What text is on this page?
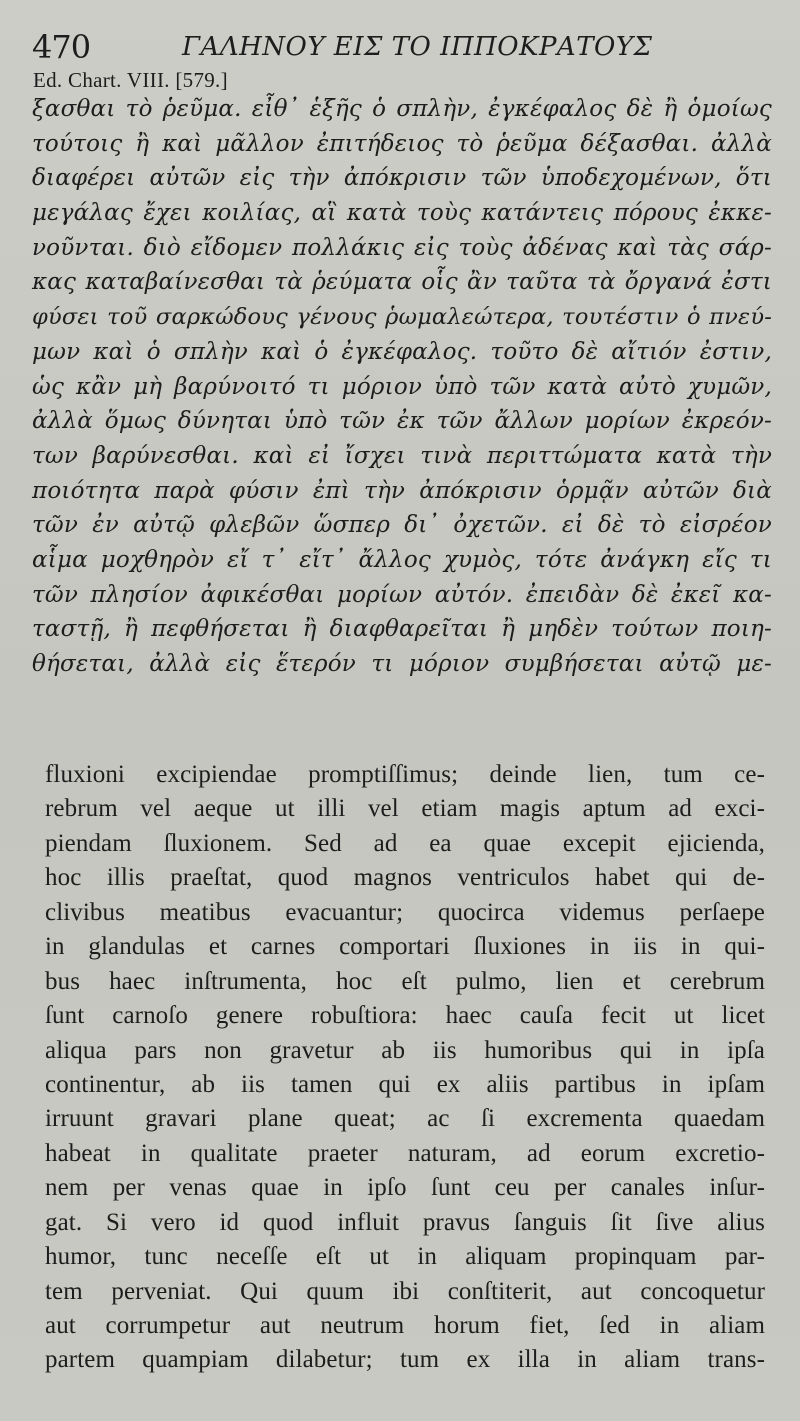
470	ΓΑΛΗΝΟΥ ΕΙΣ ΤΟ ΙΠΠΟΚΡΑΤΟΥΣ
Ed. Chart. VIII. [579.]
ξασθαι τὸ ῥεῦμα. εἶθ᾽ ἑξῆς ὁ σπλὴν, ἐγκέφαλος δὲ ἢ ὁμοίως
τούτοις ἢ καὶ μᾶλλον ἐπιτήδειος τὸ ῥεῦμα δέξασθαι. ἀλλὰ
διαφέρει αὐτῶν εἰς τὴν ἀπόκρισιν τῶν ὑποδεχομένων, ὅτι
μεγάλας ἔχει κοιλίας, αἳ κατὰ τοὺς κατάντεις πόρους ἐκκε-
νοῦνται. διὸ εἴδομεν πολλάκις εἰς τοὺς ἀδένας καὶ τὰς σάρ-
κας καταβαίνεσθαι τὰ ῥεύματα οἷς ἂν ταῦτα τὰ ὄργανά ἐστι
φύσει τοῦ σαρκώδους γένους ῥωμαλεώτερα, τουτέστιν ὁ πνεύ-
μων καὶ ὁ σπλὴν καὶ ὁ ἐγκέφαλος. τοῦτο δὲ αἴτιόν ἐστιν,
ὡς κἂν μὴ βαρύνοιτό τι μόριον ὑπὸ τῶν κατὰ αὐτὸ χυμῶν,
ἀλλὰ ὅμως δύνηται ὑπὸ τῶν ἐκ τῶν ἄλλων μορίων ἐκρεόν-
των βαρύνεσθαι. καὶ εἰ ἴσχει τινὰ περιττώματα κατὰ τὴν
ποιότητα παρὰ φύσιν ἐπὶ τὴν ἀπόκρισιν ὁρμᾷν αὐτῶν διὰ
τῶν ἐν αὐτῷ φλεβῶν ὥσπερ δι᾽ ὀχετῶν. εἰ δὲ τὸ εἰσρέον
αἷμα μοχθηρὸν εἴ τ᾽ εἴτ᾽ ἄλλος χυμὸς, τότε ἀνάγκη εἴς τι
τῶν πλησίον ἀφικέσθαι μορίων αὐτόν. ἐπειδὰν δὲ ἐκεῖ κα-
ταστῇ, ἢ πεφθήσεται ἢ διαφθαρεῖται ἢ μηδὲν τούτων ποιη-
θήσεται, ἀλλὰ εἰς ἕτερόν τι μόριον συμβήσεται αὐτῷ με-
fluxioni excipiendae promptiſſimus; deinde lien, tum ce-
rebrum vel aeque ut illi vel etiam magis aptum ad exci-
piendam ſluxionem. Sed ad ea quae excepit ejicienda,
hoc illis praeſtat, quod magnos ventriculos habet qui de-
clivibus meatibus evacuantur; quocirca videmus perſaepe
in glandulas et carnes comportari ſluxiones in iis in qui-
bus haec inſtrumenta, hoc eſt pulmo, lien et cerebrum
ſunt carnoſo genere robuſtiora: haec cauſa fecit ut licet
aliqua pars non gravetur ab iis humoribus qui in ipſa
continentur, ab iis tamen qui ex aliis partibus in ipſam
irruunt gravari plane queat; ac ſi excrementa quaedam
habeat in qualitate praeter naturam, ad eorum excretio-
nem per venas quae in ipſo ſunt ceu per canales inſur-
gat. Si vero id quod influit pravus ſanguis ſit ſive alius
humor, tunc neceſſe eſt ut in aliquam propinquam par-
tem perveniat. Qui quum ibi conſtiterit, aut concoquetur
aut corrumpetur aut neutrum horum fiet, ſed in aliam
partem quampiam dilabetur; tum ex illa in aliam trans-
